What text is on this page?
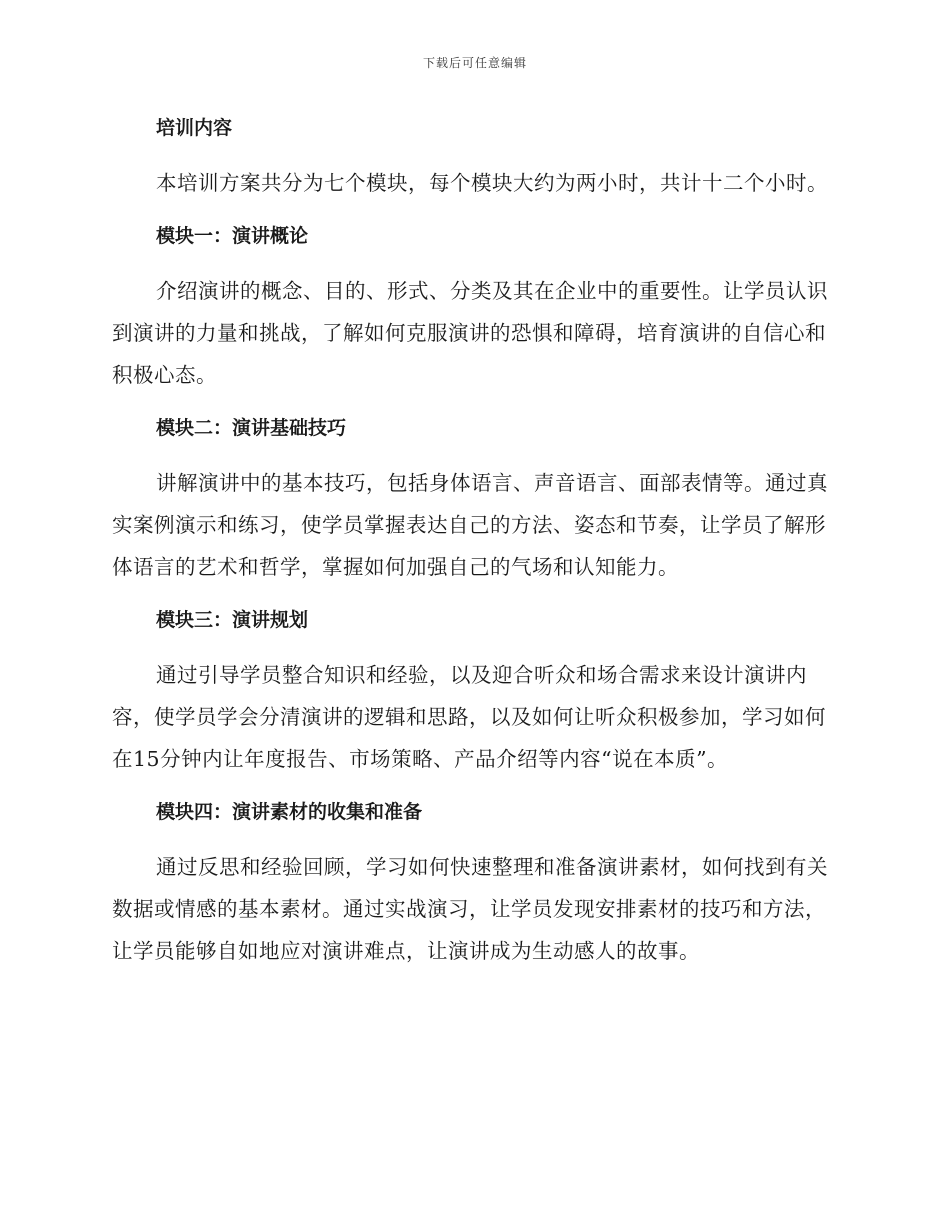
下载后可任意编辑
培训内容

本培训方案共分为七个模块，每个模块大约为两小时，共计十二个小时。

模块一：演讲概论

介绍演讲的概念、目的、形式、分类及其在企业中的重要性。让学员认识到演讲的力量和挑战，了解如何克服演讲的恐惧和障碍，培育演讲的自信心和积极心态。

模块二：演讲基础技巧

讲解演讲中的基本技巧，包括身体语言、声音语言、面部表情等。通过真实案例演示和练习，使学员掌握表达自己的方法、姿态和节奏，让学员了解形体语言的艺术和哲学，掌握如何加强自己的气场和认知能力。

模块三：演讲规划

通过引导学员整合知识和经验，以及迎合听众和场合需求来设计演讲内容，使学员学会分清演讲的逻辑和思路，以及如何让听众积极参加，学习如何在15分钟内让年度报告、市场策略、产品介绍等内容“说在本质”。

模块四：演讲素材的收集和准备

通过反思和经验回顾，学习如何快速整理和准备演讲素材，如何找到有关数据或情感的基本素材。通过实战演习，让学员发现安排素材的技巧和方法，让学员能够自如地应对演讲难点，让演讲成为生动感人的故事。
